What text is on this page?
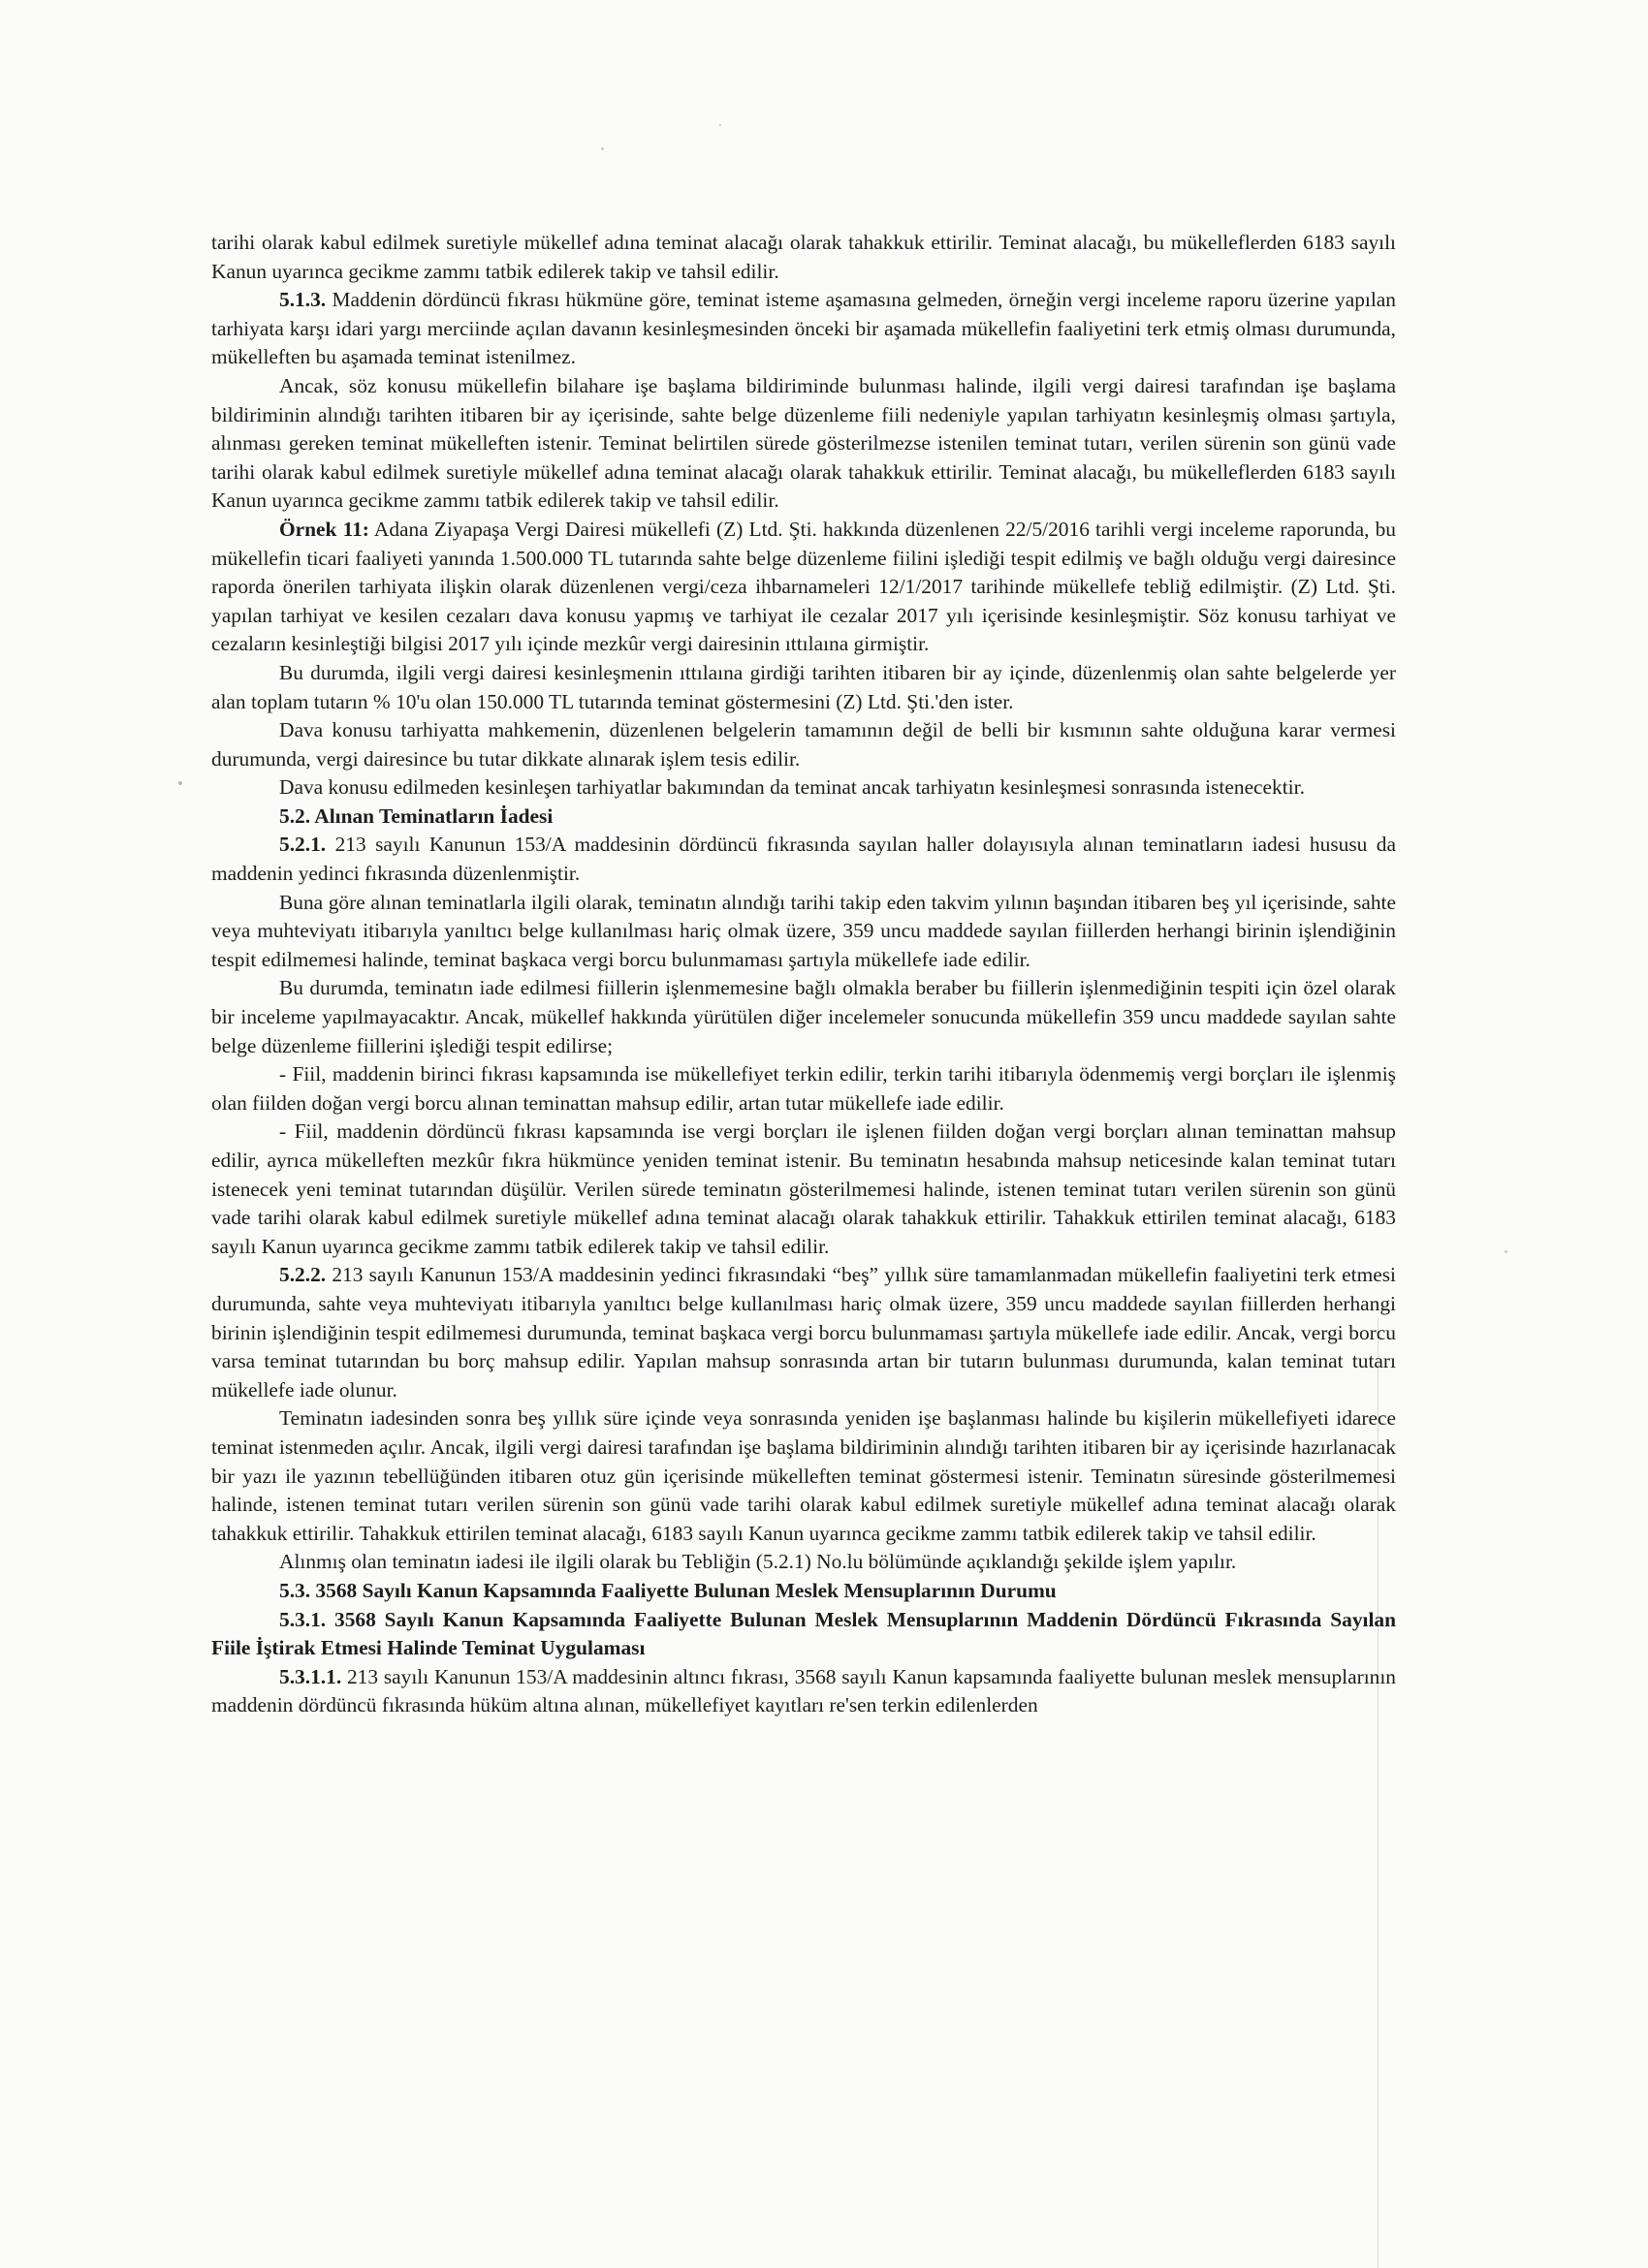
tarihi olarak kabul edilmek suretiyle mükellef adına teminat alacağı olarak tahakkuk ettirilir. Teminat alacağı, bu mükelleflerden 6183 sayılı Kanun uyarınca gecikme zammı tatbik edilerek takip ve tahsil edilir.

5.1.3. Maddenin dördüncü fıkrası hükmüne göre, teminat isteme aşamasına gelmeden, örneğin vergi inceleme raporu üzerine yapılan tarhiyata karşı idari yargı merciinde açılan davanın kesinleşmesinden önceki bir aşamada mükellefin faaliyetini terk etmiş olması durumunda, mükelleften bu aşamada teminat istenilmez.

Ancak, söz konusu mükellefin bilahare işe başlama bildiriminde bulunması halinde, ilgili vergi dairesi tarafından işe başlama bildiriminin alındığı tarihten itibaren bir ay içerisinde, sahte belge düzenleme fiili nedeniyle yapılan tarhiyatın kesinleşmiş olması şartıyla, alınması gereken teminat mükelleften istenir. Teminat belirtilen sürede gösterilmezse istenilen teminat tutarı, verilen sürenin son günü vade tarihi olarak kabul edilmek suretiyle mükellef adına teminat alacağı olarak tahakkuk ettirilir. Teminat alacağı, bu mükelleflerden 6183 sayılı Kanun uyarınca gecikme zammı tatbik edilerek takip ve tahsil edilir.

Örnek 11: Adana Ziyapaşa Vergi Dairesi mükellefi (Z) Ltd. Şti. hakkında düzenlenen 22/5/2016 tarihli vergi inceleme raporunda, bu mükellefin ticari faaliyeti yanında 1.500.000 TL tutarında sahte belge düzenleme fiilini işlediği tespit edilmiş ve bağlı olduğu vergi dairesince raporda önerilen tarhiyata ilişkin olarak düzenlenen vergi/ceza ihbarnameleri 12/1/2017 tarihinde mükellefe tebliğ edilmiştir. (Z) Ltd. Şti. yapılan tarhiyat ve kesilen cezaları dava konusu yapmış ve tarhiyat ile cezalar 2017 yılı içerisinde kesinleşmiştir. Söz konusu tarhiyat ve cezaların kesinleştiği bilgisi 2017 yılı içinde mezkûr vergi dairesinin ıttılaına girmiştir.

Bu durumda, ilgili vergi dairesi kesinleşmenin ıttılaına girdiği tarihten itibaren bir ay içinde, düzenlenmiş olan sahte belgelerde yer alan toplam tutarın % 10'u olan 150.000 TL tutarında teminat göstermesini (Z) Ltd. Şti.'den ister.

Dava konusu tarhiyatta mahkemenin, düzenlenen belgelerin tamamının değil de belli bir kısmının sahte olduğuna karar vermesi durumunda, vergi dairesince bu tutar dikkate alınarak işlem tesis edilir.

Dava konusu edilmeden kesinleşen tarhiyatlar bakımından da teminat ancak tarhiyatın kesinleşmesi sonrasında istenecektir.

5.2. Alınan Teminatların İadesi

5.2.1. 213 sayılı Kanunun 153/A maddesinin dördüncü fıkrasında sayılan haller dolayısıyla alınan teminatların iadesi hususu da maddenin yedinci fıkrasında düzenlenmiştir.

Buna göre alınan teminatlarla ilgili olarak, teminatın alındığı tarihi takip eden takvim yılının başından itibaren beş yıl içerisinde, sahte veya muhteviyatı itibarıyla yanıltıcı belge kullanılması hariç olmak üzere, 359 uncu maddede sayılan fiillerden herhangi birinin işlendiğinin tespit edilmemesi halinde, teminat başkaca vergi borcu bulunmaması şartıyla mükellefe iade edilir.

Bu durumda, teminatın iade edilmesi fiillerin işlenmemesine bağlı olmakla beraber bu fiillerin işlenmediğinin tespiti için özel olarak bir inceleme yapılmayacaktır. Ancak, mükellef hakkında yürütülen diğer incelemeler sonucunda mükellefin 359 uncu maddede sayılan sahte belge düzenleme fiillerini işlediği tespit edilirse;

- Fiil, maddenin birinci fıkrası kapsamında ise mükellefiyet terkin edilir, terkin tarihi itibarıyla ödenmemiş vergi borçları ile işlenmiş olan fiilden doğan vergi borcu alınan teminattan mahsup edilir, artan tutar mükellefe iade edilir.

- Fiil, maddenin dördüncü fıkrası kapsamında ise vergi borçları ile işlenen fiilden doğan vergi borçları alınan teminattan mahsup edilir, ayrıca mükelleften mezkûr fıkra hükmünce yeniden teminat istenir. Bu teminatın hesabında mahsup neticesinde kalan teminat tutarı istenecek yeni teminat tutarından düşülür. Verilen sürede teminatın gösterilmemesi halinde, istenen teminat tutarı verilen sürenin son günü vade tarihi olarak kabul edilmek suretiyle mükellef adına teminat alacağı olarak tahakkuk ettirilir. Tahakkuk ettirilen teminat alacağı, 6183 sayılı Kanun uyarınca gecikme zammı tatbik edilerek takip ve tahsil edilir.

5.2.2. 213 sayılı Kanunun 153/A maddesinin yedinci fıkrasındaki “beş” yıllık süre tamamlanmadan mükellefin faaliyetini terk etmesi durumunda, sahte veya muhteviyatı itibarıyla yanıltıcı belge kullanılması hariç olmak üzere, 359 uncu maddede sayılan fiillerden herhangi birinin işlendiğinin tespit edilmemesi durumunda, teminat başkaca vergi borcu bulunmaması şartıyla mükellefe iade edilir. Ancak, vergi borcu varsa teminat tutarından bu borç mahsup edilir. Yapılan mahsup sonrasında artan bir tutarın bulunması durumunda, kalan teminat tutarı mükellefe iade olunur.

Teminatın iadesinden sonra beş yıllık süre içinde veya sonrasında yeniden işe başlanması halinde bu kişilerin mükellefiyeti idarece teminat istenmeden açılır. Ancak, ilgili vergi dairesi tarafından işe başlama bildiriminin alındığı tarihten itibaren bir ay içerisinde hazırlanacak bir yazı ile yazının tebellüğünden itibaren otuz gün içerisinde mükelleften teminat göstermesi istenir. Teminatın süresinde gösterilmemesi halinde, istenen teminat tutarı verilen sürenin son günü vade tarihi olarak kabul edilmek suretiyle mükellef adına teminat alacağı olarak tahakkuk ettirilir. Tahakkuk ettirilen teminat alacağı, 6183 sayılı Kanun uyarınca gecikme zammı tatbik edilerek takip ve tahsil edilir.

Alınmış olan teminatın iadesi ile ilgili olarak bu Tebliğin (5.2.1) No.lu bölümünde açıklandığı şekilde işlem yapılır.

5.3. 3568 Sayılı Kanun Kapsamında Faaliyette Bulunan Meslek Mensuplarının Durumu

5.3.1. 3568 Sayılı Kanun Kapsamında Faaliyette Bulunan Meslek Mensuplarının Maddenin Dördüncü Fıkrasında Sayılan Fiile İştirak Etmesi Halinde Teminat Uygulaması

5.3.1.1. 213 sayılı Kanunun 153/A maddesinin altıncı fıkrası, 3568 sayılı Kanun kapsamında faaliyette bulunan meslek mensuplarının maddenin dördüncü fıkrasında hüküm altına alınan, mükellefiyet kayıtları re'sen terkin edilenlerden
